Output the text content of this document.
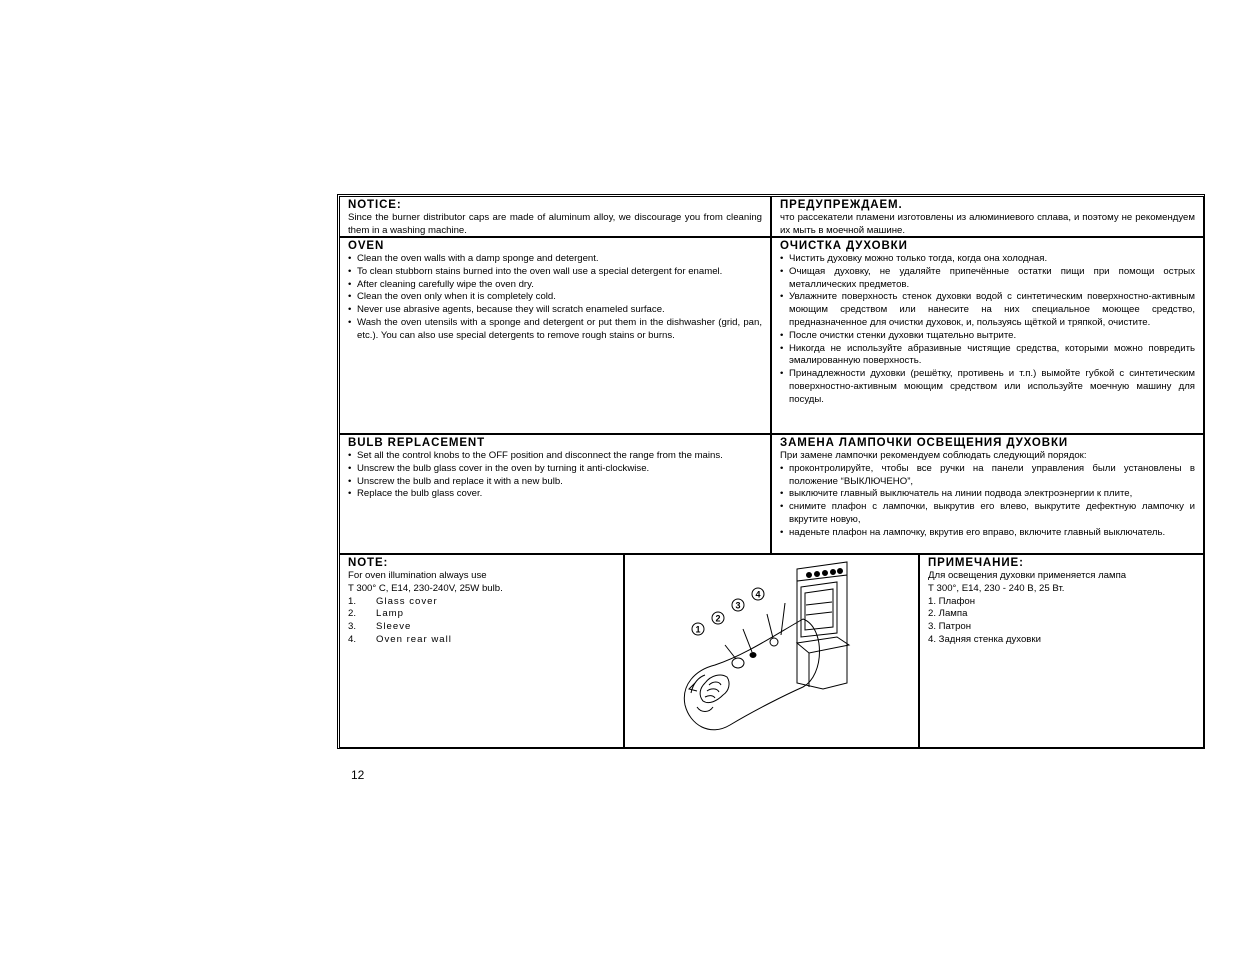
NOTICE:

Since the burner distributor caps are made of aluminum alloy, we discourage you from cleaning them in a washing machine.

ПРЕДУПРЕЖДАЕМ.

что рассекатели пламени изготовлены из алюминиевого сплава, и поэтому не рекомендуем их мыть в моечной машине.

OVEN

• Clean the oven walls with a damp sponge and detergent.
• To clean stubborn stains burned into the oven wall use a special detergent for enamel.
• After cleaning carefully wipe the oven dry.
• Clean the oven only when it is completely cold.
• Never use abrasive agents, because they will scratch enameled surface.
• Wash the oven utensils with a sponge and detergent or put them in the dishwasher (grid, pan, etc.). You can also use special detergents to remove rough stains or burns.

ОЧИСТКА ДУХОВКИ

• Чистить духовку можно только тогда, когда она холодная.
• Очищая духовку, не удаляйте припечённые остатки пищи при помощи острых металлических предметов.
• Увлажните поверхность стенок духовки водой с синтетическим поверхностно-активным моющим средством или нанесите на них специальное моющее средство, предназначенное для очистки духовок, и, пользуясь щёткой и тряпкой, очистите.
• После очистки стенки духовки тщательно вытрите.
• Никогда не используйте абразивные чистящие средства, которыми можно повредить эмалированную поверхность.
• Принадлежности духовки (решётку, противень и т.п.) вымойте губкой с синтетическим поверхностно-активным моющим средством или используйте моечную машину для посуды.

BULB REPLACEMENT

• Set all the control knobs to the OFF position and disconnect the range from the mains.
• Unscrew the bulb glass cover in the oven by turning it anti-clockwise.
• Unscrew the bulb and replace it with a new bulb.
• Replace the bulb glass cover.

ЗАМЕНА ЛАМПОЧКИ ОСВЕЩЕНИЯ ДУХОВКИ

При замене лампочки рекомендуем соблюдать следующий порядок:

• проконтролируйте, чтобы все ручки на панели управления были установлены в положение “ВЫКЛЮЧЕНО”,
• выключите главный выключатель на линии подвода электроэнергии к плите,
• снимите плафон с лампочки, выкрутив его влево, выкрутите дефектную лампочку и вкрутите новую,
• наденьте плафон на лампочку, вкрутив его вправо, включите главный выключатель.

NOTE:

For oven illumination always use

T 300° C, E14, 230-240V, 25W bulb.

1. Glass cover
2. Lamp
3. Sleeve
4. Oven rear wall
1
2
3
4

ПРИМЕЧАНИЕ:

Для освещения духовки применяется лампа

Т 300°, Е14, 230 - 240 В, 25 Вт.

1. Плафон
2. Лампа
3. Патрон
4. Задняя стенка духовки
12
